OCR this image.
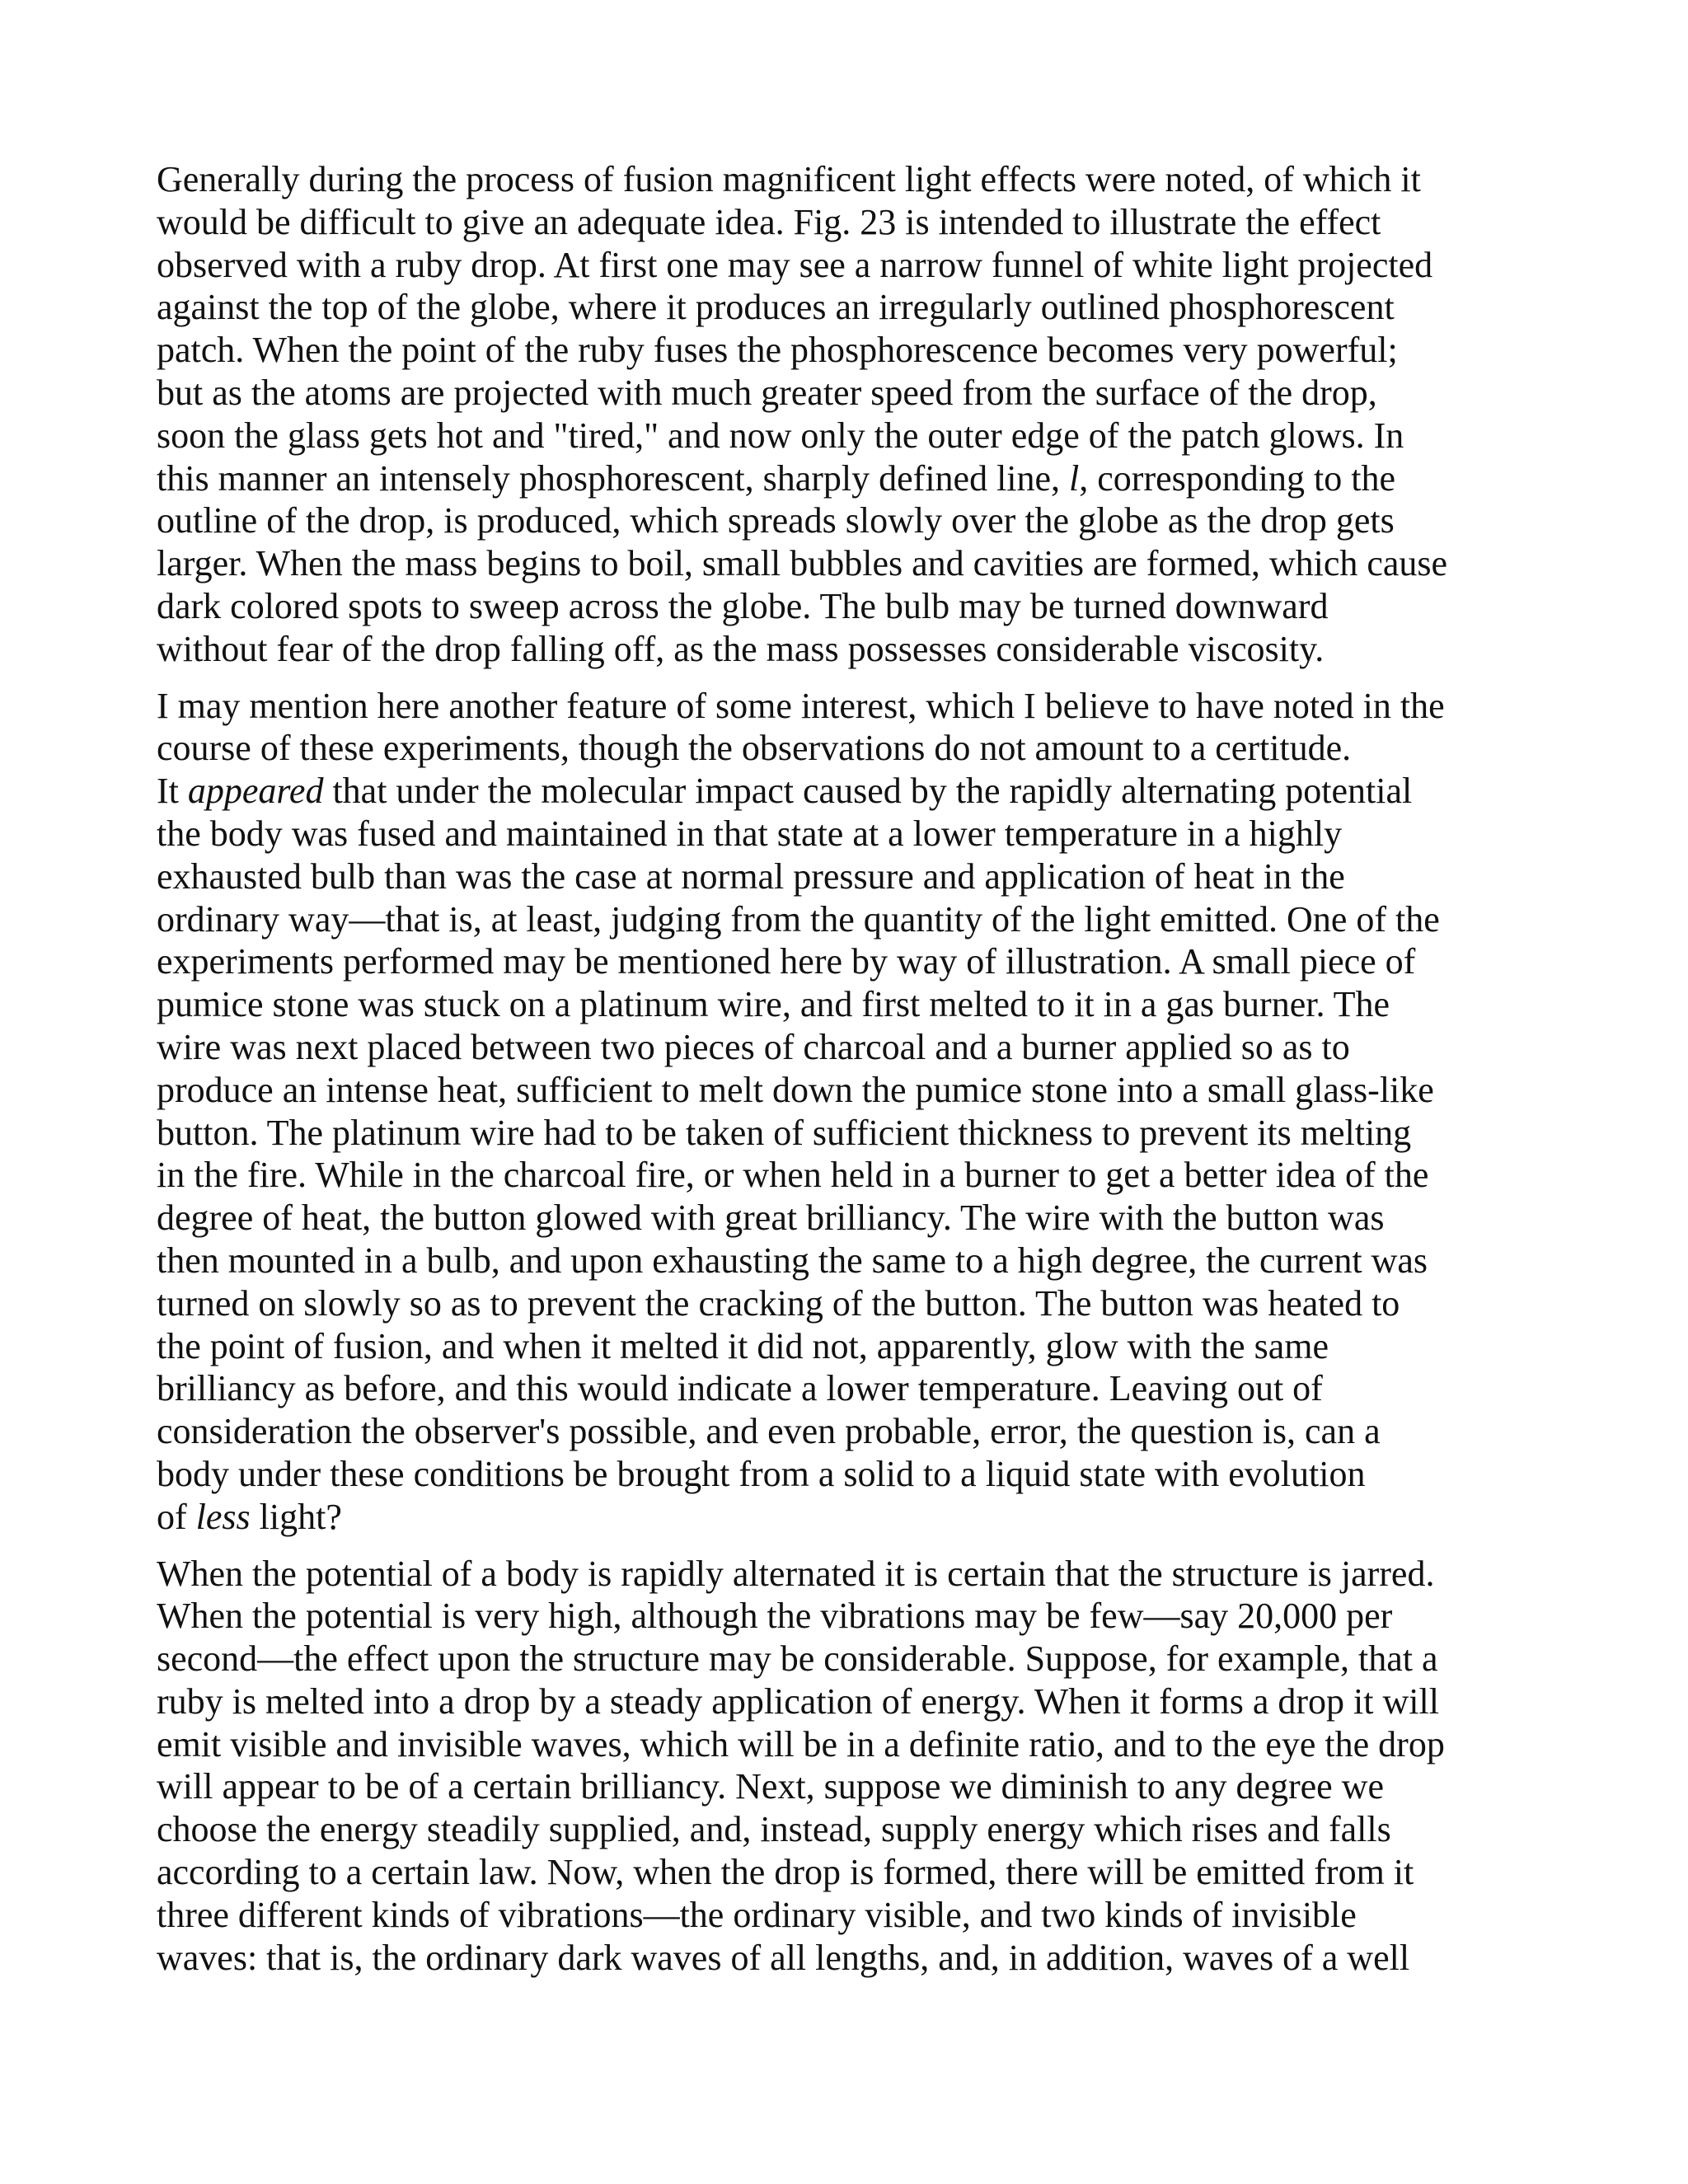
Generally during the process of fusion magnificent light effects were noted, of which it
would be difficult to give an adequate idea. Fig. 23 is intended to illustrate the effect
observed with a ruby drop. At first one may see a narrow funnel of white light projected
against the top of the globe, where it produces an irregularly outlined phosphorescent
patch. When the point of the ruby fuses the phosphorescence becomes very powerful;
but as the atoms are projected with much greater speed from the surface of the drop,
soon the glass gets hot and "tired," and now only the outer edge of the patch glows. In
this manner an intensely phosphorescent, sharply defined line, l, corresponding to the
outline of the drop, is produced, which spreads slowly over the globe as the drop gets
larger. When the mass begins to boil, small bubbles and cavities are formed, which cause
dark colored spots to sweep across the globe. The bulb may be turned downward
without fear of the drop falling off, as the mass possesses considerable viscosity.
I may mention here another feature of some interest, which I believe to have noted in the
course of these experiments, though the observations do not amount to a certitude.
It appeared that under the molecular impact caused by the rapidly alternating potential
the body was fused and maintained in that state at a lower temperature in a highly
exhausted bulb than was the case at normal pressure and application of heat in the
ordinary way—that is, at least, judging from the quantity of the light emitted. One of the
experiments performed may be mentioned here by way of illustration. A small piece of
pumice stone was stuck on a platinum wire, and first melted to it in a gas burner. The
wire was next placed between two pieces of charcoal and a burner applied so as to
produce an intense heat, sufficient to melt down the pumice stone into a small glass-like
button. The platinum wire had to be taken of sufficient thickness to prevent its melting
in the fire. While in the charcoal fire, or when held in a burner to get a better idea of the
degree of heat, the button glowed with great brilliancy. The wire with the button was
then mounted in a bulb, and upon exhausting the same to a high degree, the current was
turned on slowly so as to prevent the cracking of the button. The button was heated to
the point of fusion, and when it melted it did not, apparently, glow with the same
brilliancy as before, and this would indicate a lower temperature. Leaving out of
consideration the observer's possible, and even probable, error, the question is, can a
body under these conditions be brought from a solid to a liquid state with evolution
of less light?
When the potential of a body is rapidly alternated it is certain that the structure is jarred.
When the potential is very high, although the vibrations may be few—say 20,000 per
second—the effect upon the structure may be considerable. Suppose, for example, that a
ruby is melted into a drop by a steady application of energy. When it forms a drop it will
emit visible and invisible waves, which will be in a definite ratio, and to the eye the drop
will appear to be of a certain brilliancy. Next, suppose we diminish to any degree we
choose the energy steadily supplied, and, instead, supply energy which rises and falls
according to a certain law. Now, when the drop is formed, there will be emitted from it
three different kinds of vibrations—the ordinary visible, and two kinds of invisible
waves: that is, the ordinary dark waves of all lengths, and, in addition, waves of a well
